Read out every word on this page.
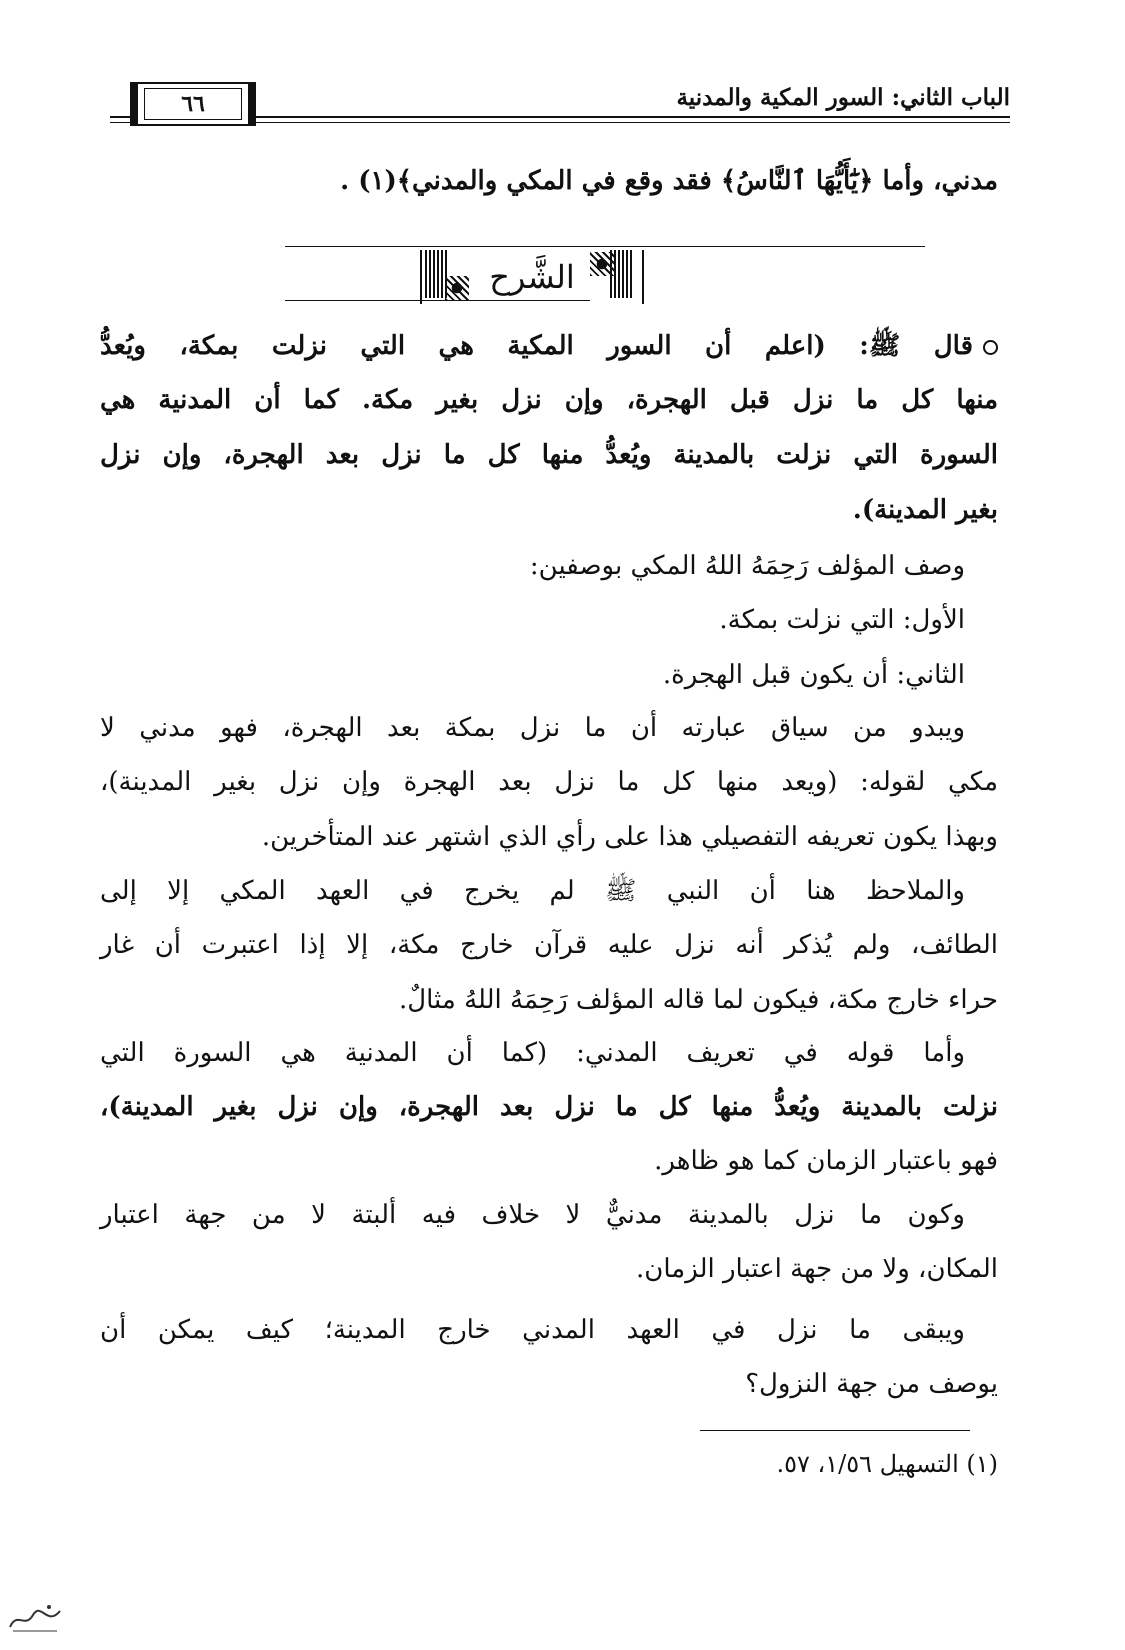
الباب الثاني: السور المكية والمدنية
٦٦
مدني، وأما ﴿يَٰٓأَيُّهَا ٱلنَّاسُ﴾ فقد وقع في المكي والمدني﴾(١) .
الشَّرح
قال ﷺ: (اعلم أن السور المكية هي التي نزلت بمكة، ويُعدُّ
منها كل ما نزل قبل الهجرة، وإن نزل بغير مكة. كما أن المدنية هي
السورة التي نزلت بالمدينة ويُعدُّ منها كل ما نزل بعد الهجرة، وإن نزل
بغير المدينة).
وصف المؤلف رَحِمَهُ اللهُ المكي بوصفين:
الأول: التي نزلت بمكة.
الثاني: أن يكون قبل الهجرة.
ويبدو من سياق عبارته أن ما نزل بمكة بعد الهجرة، فهو مدني لا
مكي لقوله: (ويعد منها كل ما نزل بعد الهجرة وإن نزل بغير المدينة)،
وبهذا يكون تعريفه التفصيلي هذا على رأي الذي اشتهر عند المتأخرين.
والملاحظ هنا أن النبي ﷺ لم يخرج في العهد المكي إلا إلى
الطائف، ولم يُذكر أنه نزل عليه قرآن خارج مكة، إلا إذا اعتبرت أن غار
حراء خارج مكة، فيكون لما قاله المؤلف رَحِمَهُ اللهُ مثالٌ.
وأما قوله في تعريف المدني: (كما أن المدنية هي السورة التي
نزلت بالمدينة ويُعدُّ منها كل ما نزل بعد الهجرة، وإن نزل بغير المدينة)،
فهو باعتبار الزمان كما هو ظاهر.
وكون ما نزل بالمدينة مدنيٌّ لا خلاف فيه ألبتة لا من جهة اعتبار
المكان، ولا من جهة اعتبار الزمان.
ويبقى ما نزل في العهد المدني خارج المدينة؛ كيف يمكن أن
يوصف من جهة النزول؟
(١) التسهيل ١/٥٦، ٥٧.
